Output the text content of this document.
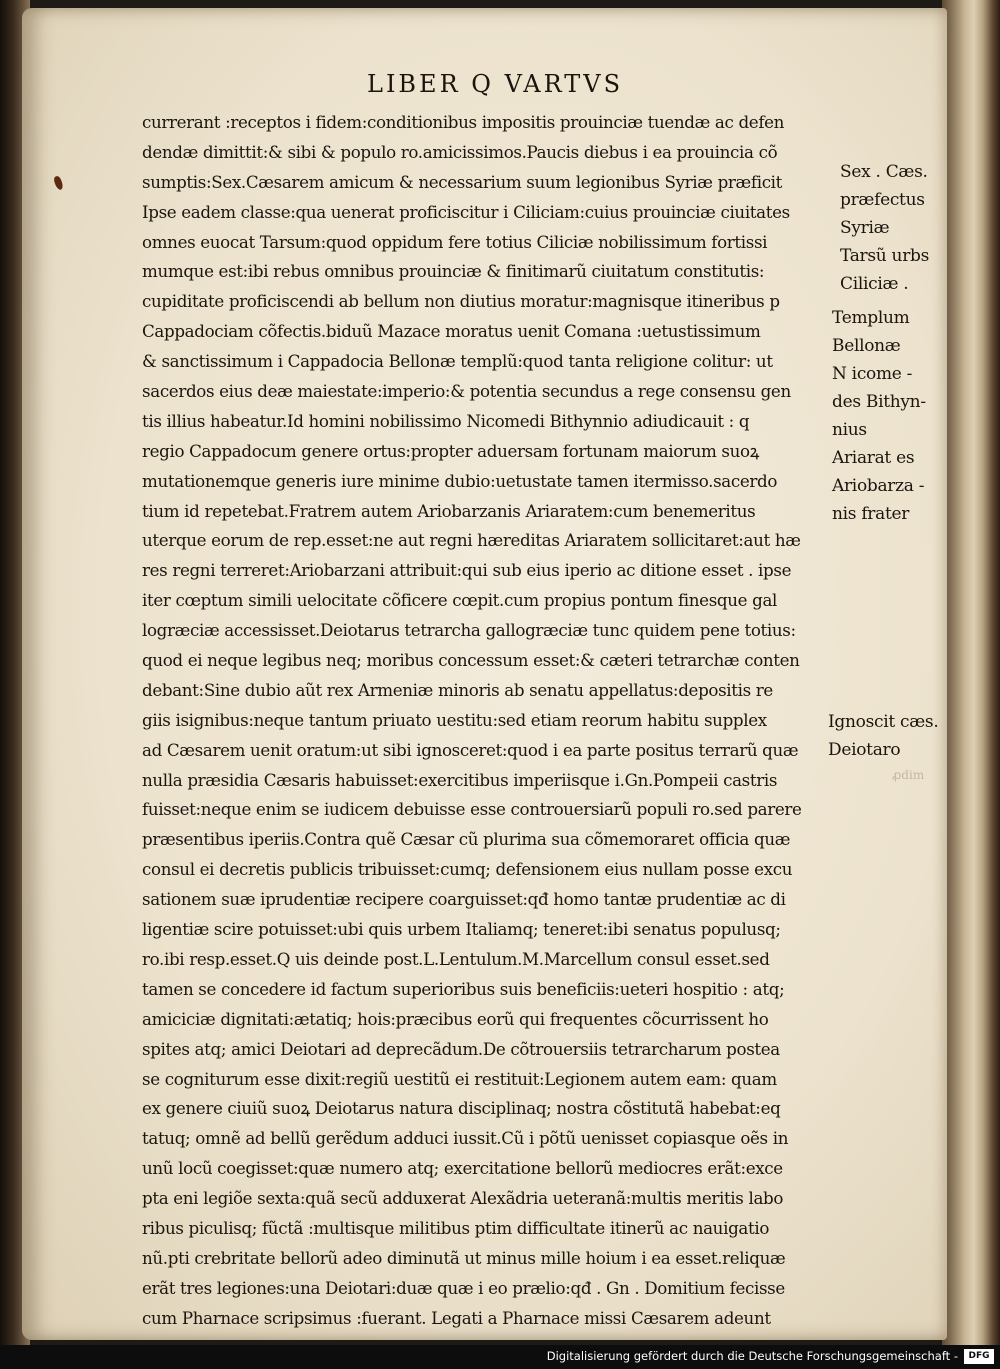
LIBER Q VARTVS
currerant :receptos i fidem:conditionibus impositis prouinciæ tuendæ ac defen
dendæ dimittit:& sibi & populo ro.amicissimos.Paucis diebus i ea prouincia cõ
sumptis:Sex.Cæsarem amicum & necessarium suum legionibus Syriæ præficit
Ipse eadem classe:qua uenerat proficiscitur i Ciliciam:cuius prouinciæ ciuitates
omnes euocat Tarsum:quod oppidum fere totius Ciliciæ nobilissimum fortissi
mumque est:ibi rebus omnibus prouinciæ & finitimarũ ciuitatum constitutis:
cupiditate proficiscendi ab bellum non diutius moratur:magnisque itineribus p
Cappadociam cõfectis.biduũ Mazace moratus uenit Comana :uetustissimum
& sanctissimum i Cappadocia Bellonæ templũ:quod tanta religione colitur: ut
sacerdos eius deæ maiestate:imperio:& potentia secundus a rege consensu gen
tis illius habeatur.Id homini nobilissimo Nicomedi Bithynnio adiudicauit : q
regio Cappadocum genere ortus:propter aduersam fortunam maiorum suoꝝ
mutationemque generis iure minime dubio:uetustate tamen itermisso.sacerdo
tium id repetebat.Fratrem autem Ariobarzanis Ariaratem:cum benemeritus
uterque eorum de rep.esset:ne aut regni hæreditas Ariaratem sollicitaret:aut hæ
res regni terreret:Ariobarzani attribuit:qui sub eius iperio ac ditione esset . ipse
iter cœptum simili uelocitate cõficere cœpit.cum propius pontum finesque gal
logræciæ accessisset.Deiotarus tetrarcha gallogræciæ tunc quidem pene totius:
quod ei neque legibus neq; moribus concessum esset:& cæteri tetrarchæ conten
debant:Sine dubio aũt rex Armeniæ minoris ab senatu appellatus:depositis re
giis isignibus:neque tantum priuato uestitu:sed etiam reorum habitu supplex
ad Cæsarem uenit oratum:ut sibi ignosceret:quod i ea parte positus terrarũ quæ
nulla præsidia Cæsaris habuisset:exercitibus imperiisque i.Gn.Pompeii castris
fuisset:neque enim se iudicem debuisse esse controuersiarũ populi ro.sed parere
præsentibus iperiis.Contra quẽ Cæsar cũ plurima sua cõmemoraret officia quæ
consul ei decretis publicis tribuisset:cumq; defensionem eius nullam posse excu
sationem suæ iprudentiæ recipere coarguisset:qđ homo tantæ prudentiæ ac di
ligentiæ scire potuisset:ubi quis urbem Italiamq; teneret:ibi senatus populusq;
ro.ibi resp.esset.Q uis deinde post.L.Lentulum.M.Marcellum consul esset.sed
tamen se concedere id factum superioribus suis beneficiis:ueteri hospitio : atq;
amiciciæ dignitati:ætatiq; hois:præcibus eorũ qui frequentes cõcurrissent ho
spites atq; amici Deiotari ad deprecãdum.De cõtrouersiis tetrarcharum postea
se cogniturum esse dixit:regiũ uestitũ ei restituit:Legionem autem eam: quam
ex genere ciuiũ suoꝝ Deiotarus natura disciplinaq; nostra cõstitutã habebat:eq
tatuq; omnẽ ad bellũ gerẽdum adduci iussit.Cũ i põtũ uenisset copiasque oẽs in
unũ locũ coegisset:quæ numero atq; exercitatione bellorũ mediocres erãt:exce
pta eni legiõe sexta:quã secũ adduxerat Alexãdria ueteranã:multis meritis labo
ribus piculisq; fũctã :multisque militibus ptim difficultate itinerũ ac nauigatio
nũ.pti crebritate bellorũ adeo diminutã ut minus mille hoium i ea esset.reliquæ
erãt tres legiones:una Deiotari:duæ quæ i eo prælio:qđ . Gn . Domitium fecisse
cum Pharnace scripsimus :fuerant. Legati a Pharnace missi Cæsarem adeunt
Sex . Cæs.
præfectus
Syriæ
Tarsũ urbs
Ciliciæ .
Templum
Bellonæ
N icome -
des Bithyn-
nius
Ariarat es
Ariobarza -
nis frater
Ignoscit cæs.
Deiotaro
ꝓdim
Digitalisierung gefördert durch die Deutsche Forschungsgemeinschaft -	DFG
